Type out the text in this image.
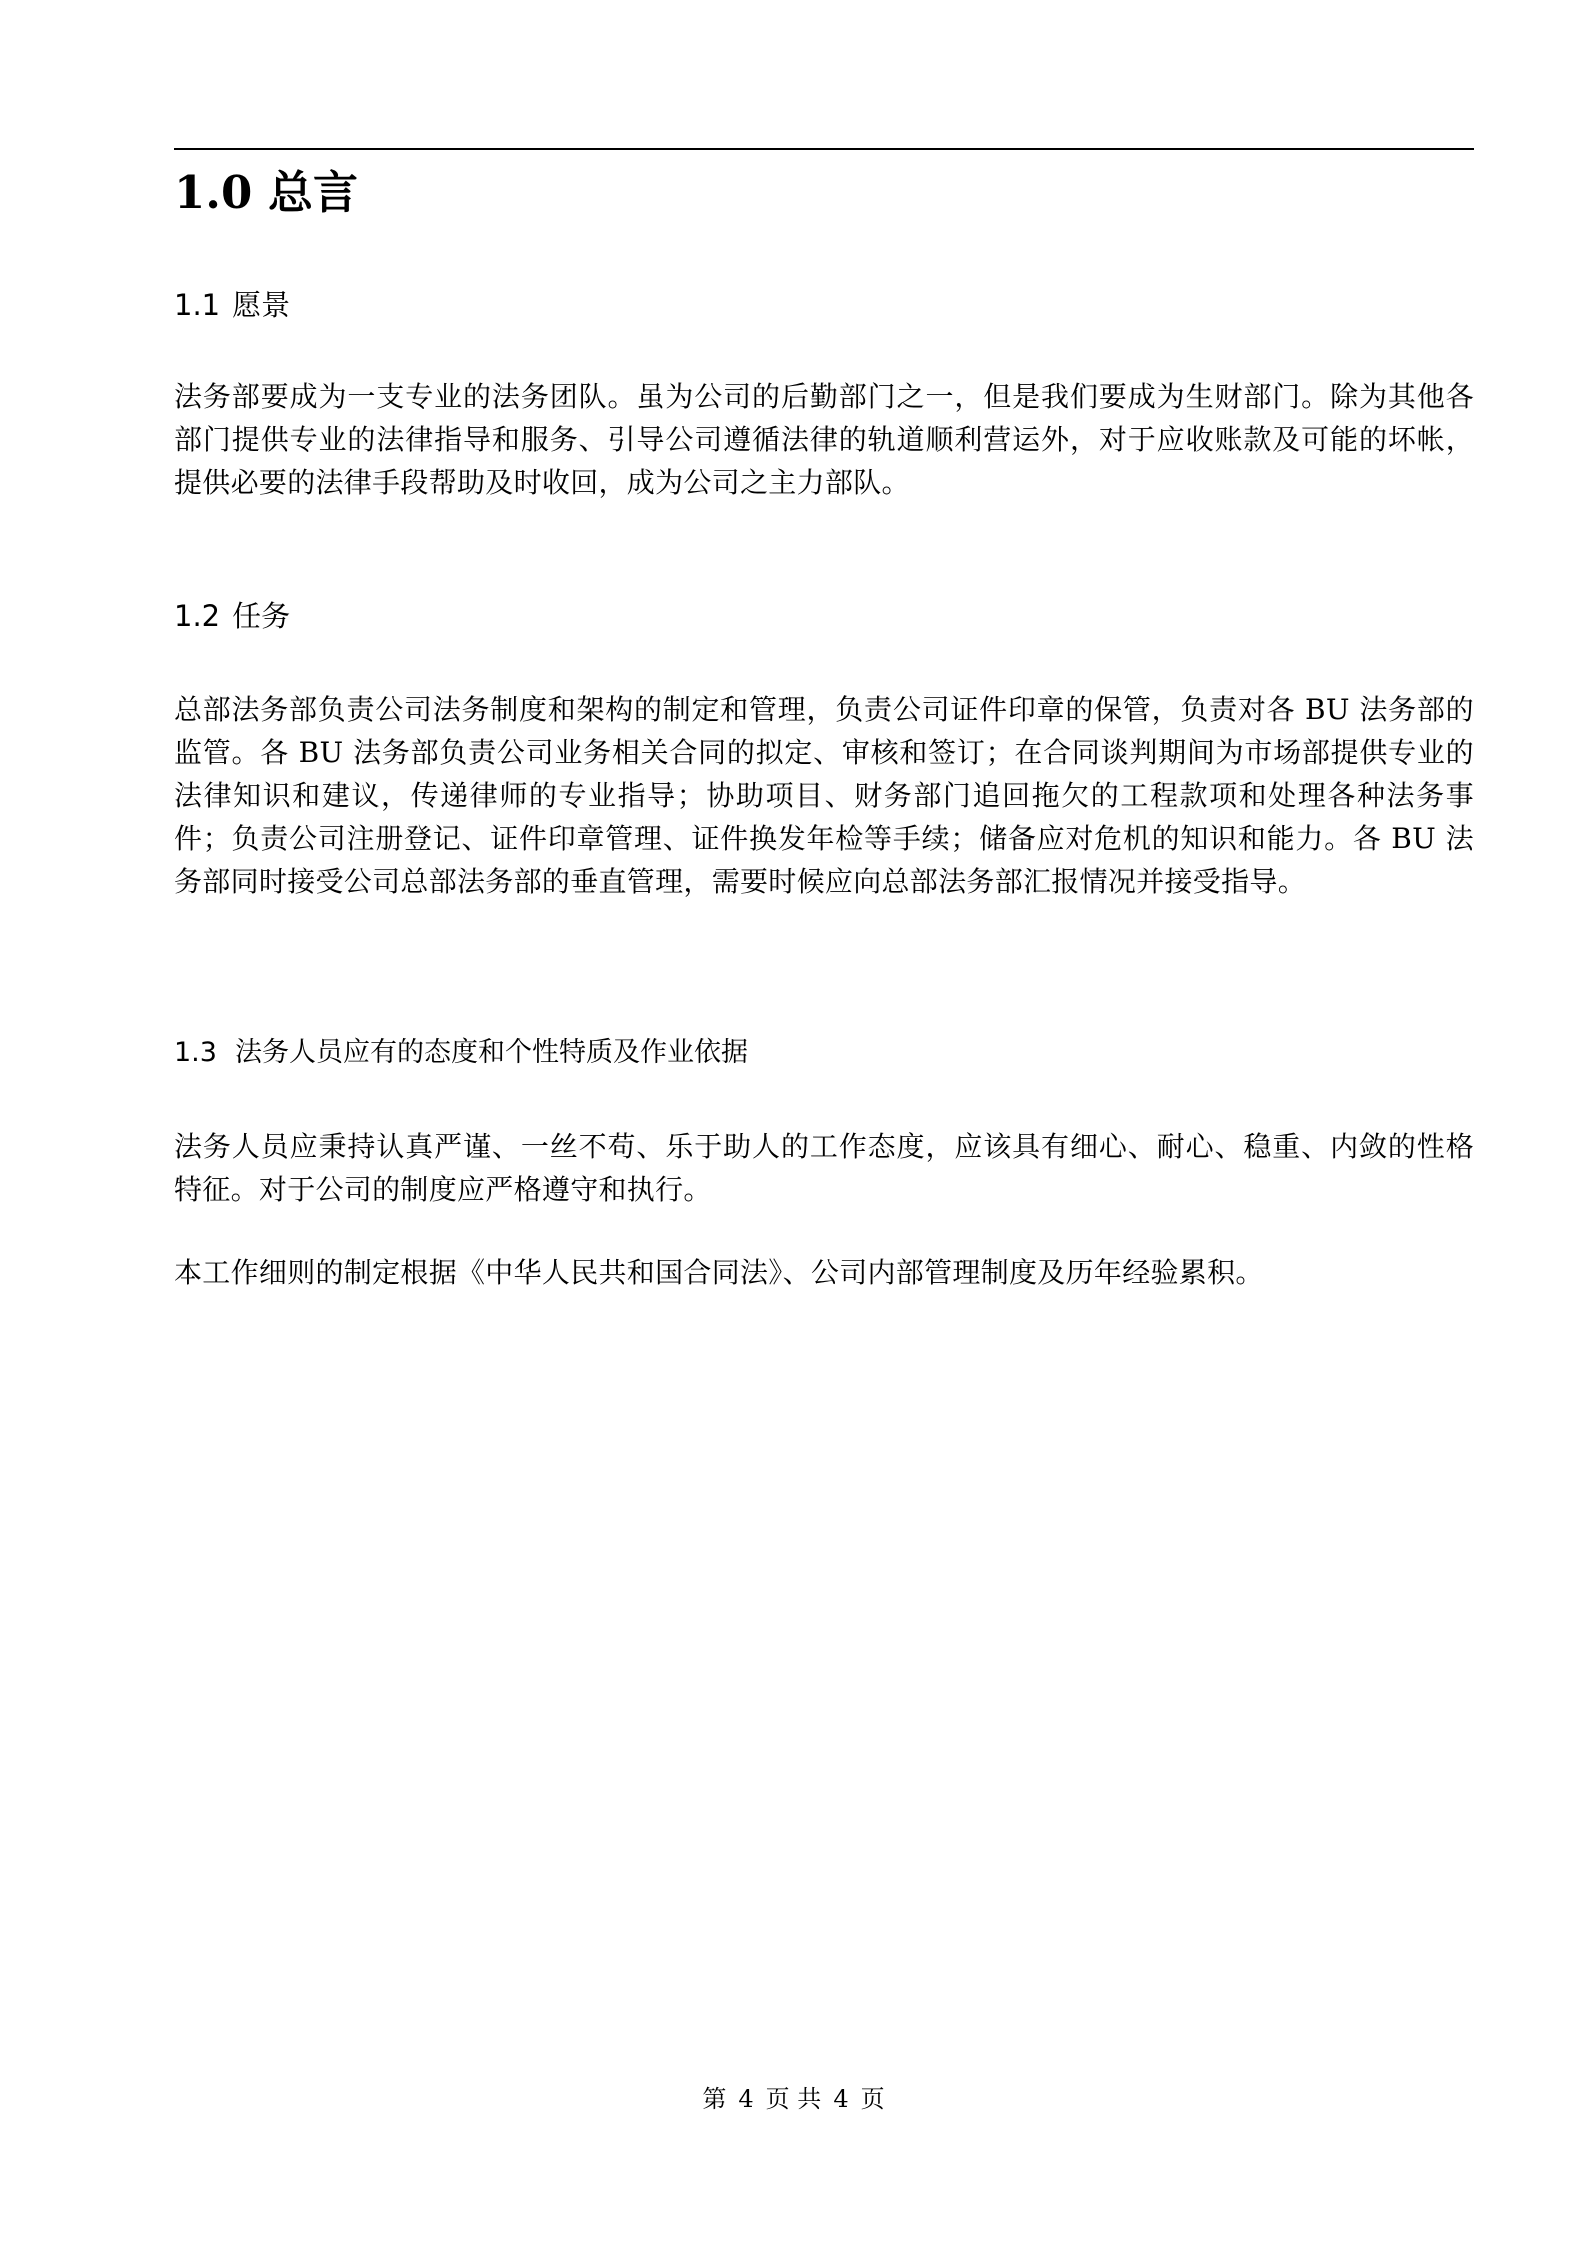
1.0 总言
1.1 愿景

法务部要成为一支专业的法务团队。虽为公司的后勤部门之一，但是我们要成为生财部门。除为其他各部门提供专业的法律指导和服务、引导公司遵循法律的轨道顺利营运外，对于应收账款及可能的坏帐，提供必要的法律手段帮助及时收回，成为公司之主力部队。

1.2 任务

总部法务部负责公司法务制度和架构的制定和管理，负责公司证件印章的保管，负责对各 BU 法务部的监管。各 BU 法务部负责公司业务相关合同的拟定、审核和签订；在合同谈判期间为市场部提供专业的法律知识和建议，传递律师的专业指导；协助项目、财务部门追回拖欠的工程款项和处理各种法务事件；负责公司注册登记、证件印章管理、证件换发年检等手续；储备应对危机的知识和能力。各 BU 法务部同时接受公司总部法务部的垂直管理，需要时候应向总部法务部汇报情况并接受指导。

1.3 法务人员应有的态度和个性特质及作业依据

法务人员应秉持认真严谨、一丝不苟、乐于助人的工作态度，应该具有细心、耐心、稳重、内敛的性格特征。对于公司的制度应严格遵守和执行。

本工作细则的制定根据《中华人民共和国合同法》、公司内部管理制度及历年经验累积。

第 4 页 共 4 页
